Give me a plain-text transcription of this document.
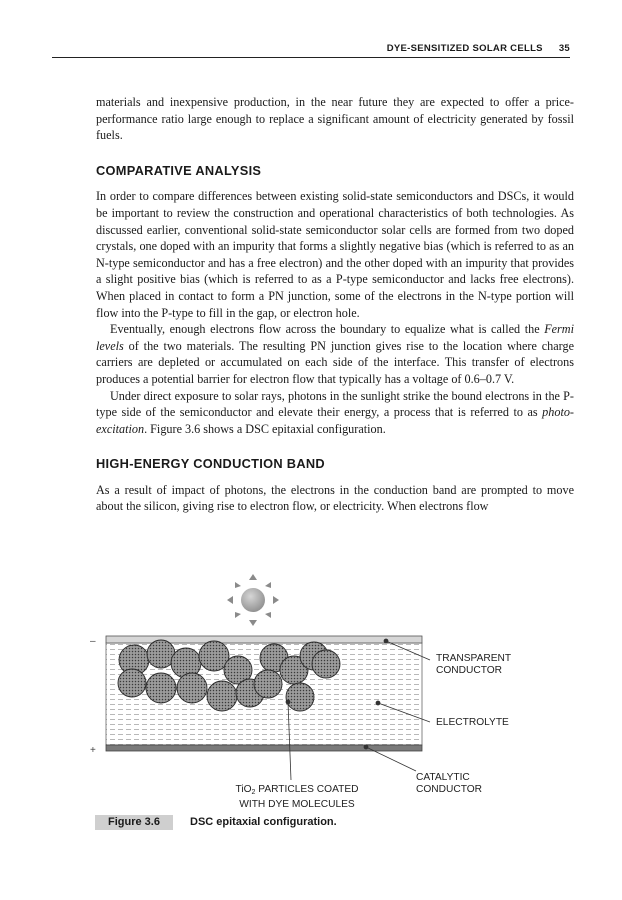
DYE-SENSITIZED SOLAR CELLS 35

materials and inexpensive production, in the near future they are expected to offer a price-performance ratio large enough to replace a significant amount of electricity generated by fossil fuels.

COMPARATIVE ANALYSIS

In order to compare differences between existing solid-state semiconductors and DSCs, it would be important to review the construction and operational characteristics of both technologies. As discussed earlier, conventional solid-state semiconductor solar cells are formed from two doped crystals, one doped with an impurity that forms a slightly negative bias (which is referred to as an N-type semiconductor and has a free electron) and the other doped with an impurity that provides a slight positive bias (which is referred to as a P-type semiconductor and lacks free electrons). When placed in contact to form a PN junction, some of the electrons in the N-type portion will flow into the P-type to fill in the gap, or electron hole.

Eventually, enough electrons flow across the boundary to equalize what is called the Fermi levels of the two materials. The resulting PN junction gives rise to the location where charge carriers are depleted or accumulated on each side of the interface. This transfer of electrons produces a potential barrier for electron flow that typically has a voltage of 0.6–0.7 V.

Under direct exposure to solar rays, photons in the sunlight strike the bound electrons in the P-type side of the semiconductor and elevate their energy, a process that is referred to as photo-excitation. Figure 3.6 shows a DSC epitaxial configuration.

HIGH-ENERGY CONDUCTION BAND

As a result of impact of photons, the electrons in the conduction band are prompted to move about the silicon, giving rise to electron flow, or electricity. When electrons flow

–
+
TRANSPARENT
CONDUCTOR
ELECTROLYTE
CATALYTIC
CONDUCTOR
TiO$_2$ PARTICLES COATED
WITH DYE MOLECULES
Figure 3.6	DSC epitaxial configuration.
